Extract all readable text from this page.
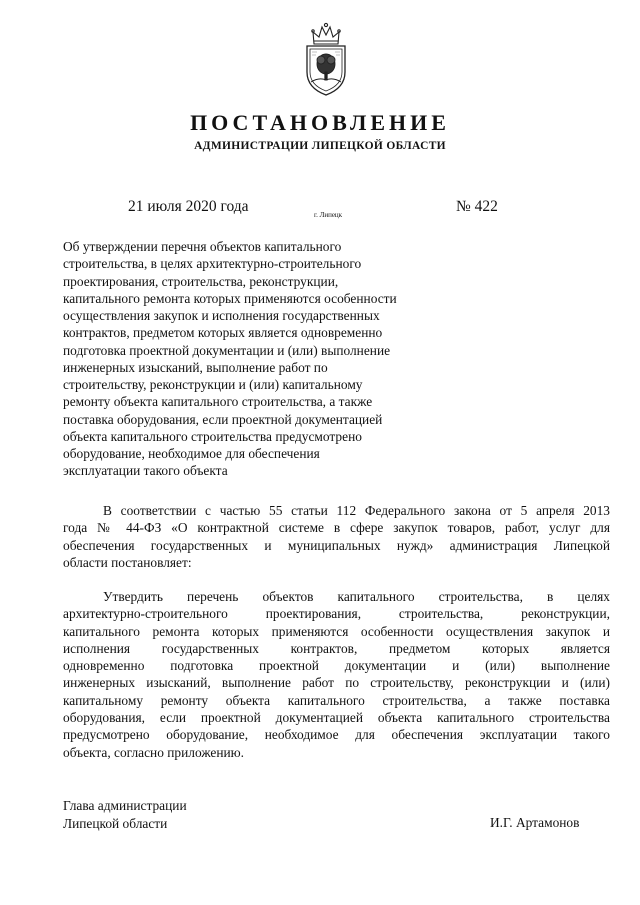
ПОСТАНОВЛЕНИЕ
АДМИНИСТРАЦИИ ЛИПЕЦКОЙ ОБЛАСТИ
21 июля 2020 года	г. Липецк	№ 422
Об утверждении перечня объектов капитального
строительства, в целях архитектурно-строительного
проектирования, строительства, реконструкции,
капитального ремонта которых применяются особенности
осуществления закупок и исполнения государственных
контрактов, предметом которых является одновременно
подготовка проектной документации и (или) выполнение
инженерных изысканий, выполнение работ по
строительству, реконструкции и (или) капитальному
ремонту объекта капитального строительства, а также
поставка оборудования, если проектной документацией
объекта капитального строительства предусмотрено
оборудование, необходимое для обеспечения
эксплуатации такого объекта
В соответствии с частью 55 статьи 112 Федерального закона от 5 апреля 2013
года № 44-ФЗ «О контрактной системе в сфере закупок товаров, работ, услуг для
обеспечения государственных и муниципальных нужд» администрация Липецкой
области постановляет:
Утвердить перечень объектов капитального строительства, в целях
архитектурно-строительного проектирования, строительства, реконструкции,
капитального ремонта которых применяются особенности осуществления закупок и
исполнения государственных контрактов, предметом которых является
одновременно подготовка проектной документации и (или) выполнение
инженерных изысканий, выполнение работ по строительству, реконструкции и (или)
капитальному ремонту объекта капитального строительства, а также поставка
оборудования, если проектной документацией объекта капитального строительства
предусмотрено оборудование, необходимое для обеспечения эксплуатации такого
объекта, согласно приложению.
Глава администрации
Липецкой области	И.Г. Артамонов
